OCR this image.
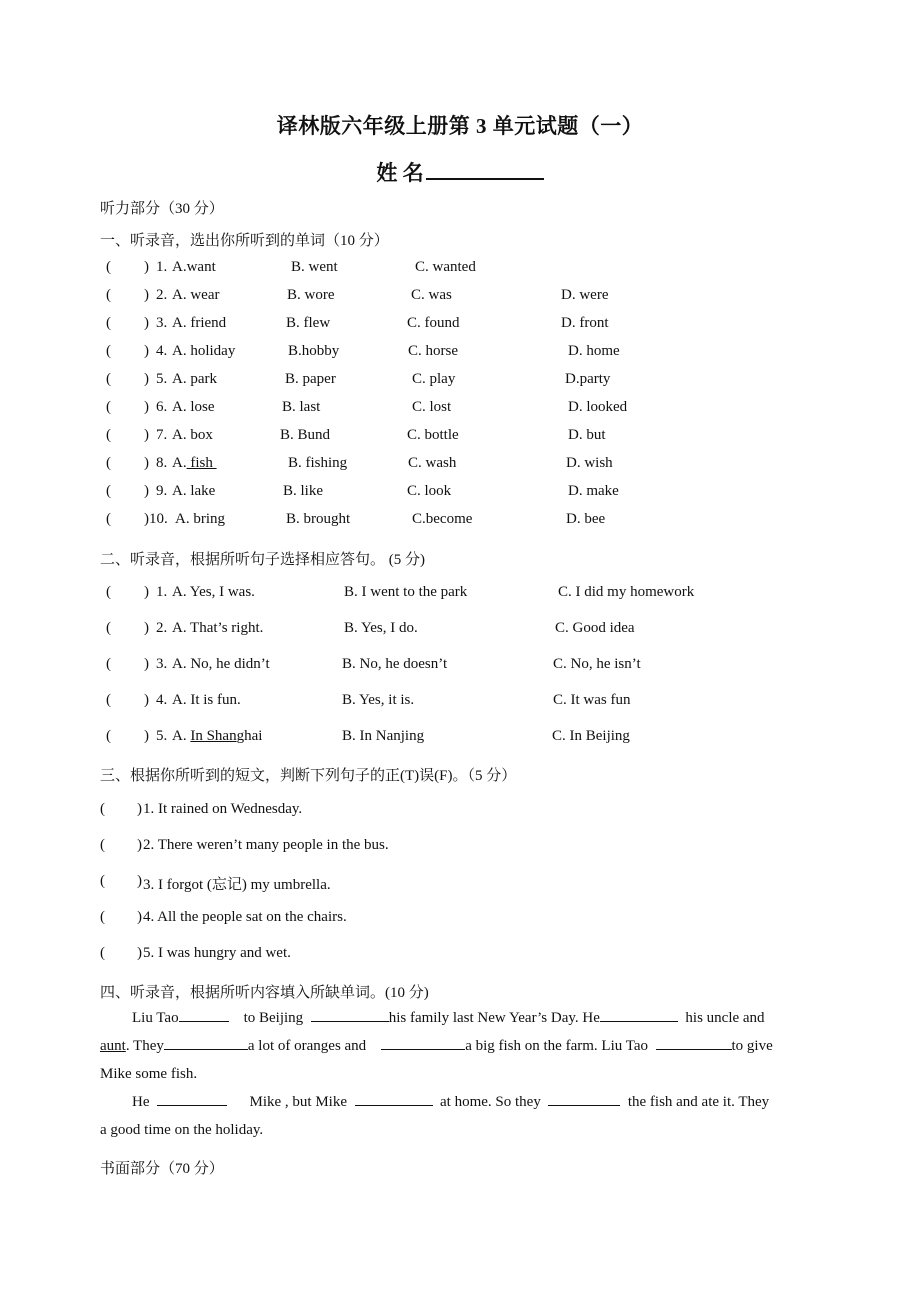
译林版六年级上册第 3 单元试题（一）
姓 名
听力部分（30 分）
一、听录音，选出你所听到的单词（10 分）
( ) 1. A.want	B. went	C. wanted
( ) 2. A. wear	B. wore	C. was	D. were
( ) 3. A. friend	B. flew	C. found	D. front
( ) 4. A. holiday	B.hobby	C. horse	D. home
( ) 5. A. park	B. paper	C. play	D.party
( ) 6. A. lose	B. last	C. lost	D. looked
( ) 7. A. box	B. Bund	C. bottle	D. but
( ) 8. A. fish	B. fishing	C. wash	D. wish
( ) 9. A. lake	B. like	C. look	D. make
( )10. A. bring	B. brought	C.become	D. bee
二、听录音，根据所听句子选择相应答句。 (5 分)
( ) 1. A. Yes, I was.	B. I went to the park	C. I did my homework
( ) 2. A. That’s right.	B. Yes, I do.	C. Good idea
( ) 3. A. No, he didn’t	B. No, he doesn’t	C. No, he isn’t
( ) 4. A. It is fun.	B. Yes, it is.	C. It was fun
( ) 5. A. In Shanghai	B. In Nanjing	C. In Beijing
三、根据你所听到的短文，判断下列句子的正(T)误(F)。（5 分）
( ) 1. It rained on Wednesday.
( ) 2. There weren’t many people in the bus.
( ) 3. I forgot (忘记) my umbrella.
( ) 4. All the people sat on the chairs.
( ) 5. I was hungry and wet.
四、听录音，根据所听内容填入所缺单词。(10 分)
Liu Tao	to Beijing	his family last New Year’s Day. He	his uncle and
aunt. They	a lot of oranges and	a big fish on the farm. Liu Tao	to give
Mike some fish.
He	Mike , but Mike	at home. So they	the fish and ate it. They
a good time on the holiday.
书面部分（70 分）
